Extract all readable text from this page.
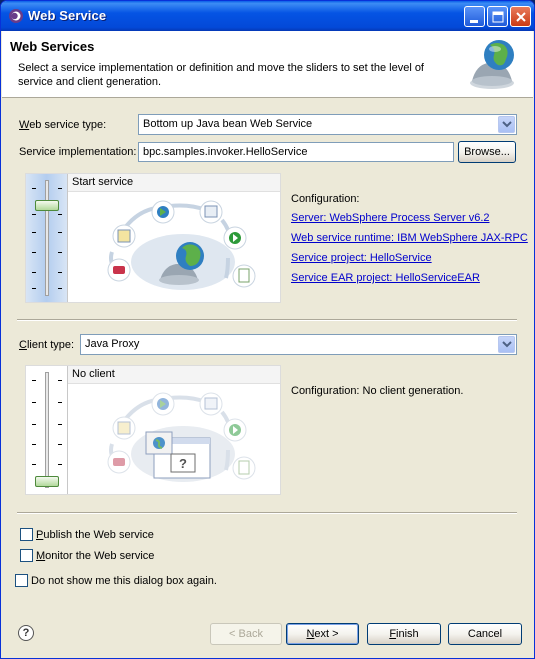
Web Service
Web Services
Select a service implementation or definition and move the sliders to set the level of service and client generation.
Web service type:	Bottom up Java bean Web Service
Service implementation:
bpc.samples.invoker.HelloService	Browse...
Start service
Configuration:
Server: WebSphere Process Server v6.2
Web service runtime: IBM WebSphere JAX-RPC
Service project: HelloService
Service EAR project: HelloServiceEAR
Client type: Java Proxy
No client
?
Configuration: No client generation.
Publish the Web service
Monitor the Web service
Do not show me this dialog box again.
?	< Back	Next >	Finish	Cancel
